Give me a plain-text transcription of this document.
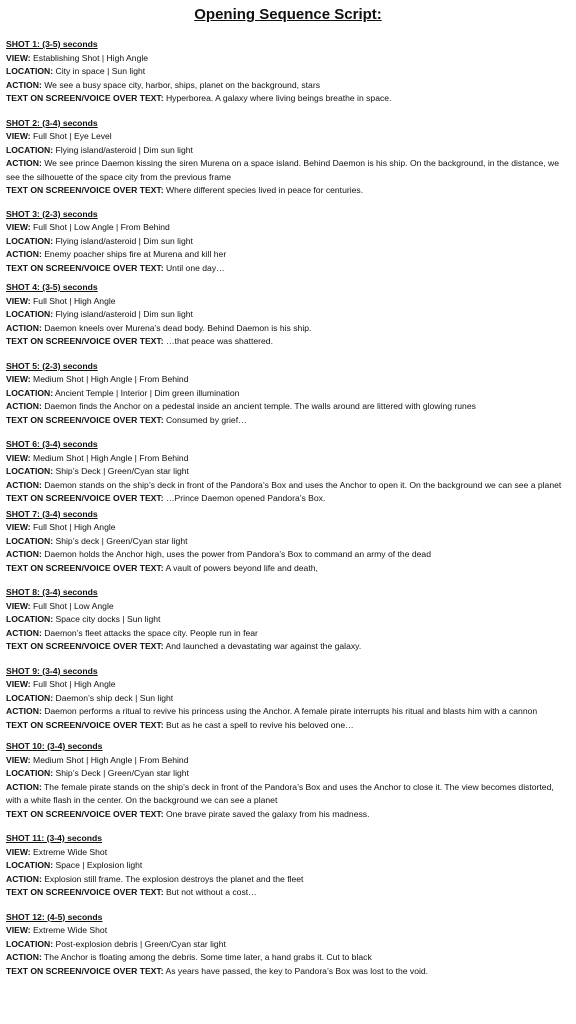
Opening Sequence Script:
SHOT 1: (3-5) seconds
VIEW: Establishing Shot | High Angle
LOCATION: City in space | Sun light
ACTION: We see a busy space city, harbor, ships, planet on the background, stars
TEXT ON SCREEN/VOICE OVER TEXT: Hyperborea. A galaxy where living beings breathe in space.
SHOT 2: (3-4) seconds
VIEW: Full Shot | Eye Level
LOCATION: Flying island/asteroid | Dim sun light
ACTION: We see prince Daemon kissing the siren Murena on a space island. Behind Daemon is his ship. On the background, in the distance, we see the silhouette of the space city from the previous frame
TEXT ON SCREEN/VOICE OVER TEXT: Where different species lived in peace for centuries.
SHOT 3: (2-3) seconds
VIEW: Full Shot | Low Angle | From Behind
LOCATION: Flying island/asteroid | Dim sun light
ACTION: Enemy poacher ships fire at Murena and kill her
TEXT ON SCREEN/VOICE OVER TEXT: Until one day…
SHOT 4: (3-5) seconds
VIEW: Full Shot | High Angle
LOCATION: Flying island/asteroid | Dim sun light
ACTION: Daemon kneels over Murena’s dead body. Behind Daemon is his ship.
TEXT ON SCREEN/VOICE OVER TEXT: …that peace was shattered.
SHOT 5: (2-3) seconds
VIEW: Medium Shot | High Angle | From Behind
LOCATION: Ancient Temple | Interior | Dim green illumination
ACTION: Daemon finds the Anchor on a pedestal inside an ancient temple. The walls around are littered with glowing runes
TEXT ON SCREEN/VOICE OVER TEXT: Consumed by grief…
SHOT 6: (3-4) seconds
VIEW: Medium Shot | High Angle | From Behind
LOCATION: Ship’s Deck | Green/Cyan star light
ACTION: Daemon stands on the ship’s deck in front of the Pandora’s Box and uses the Anchor to open it. On the background we can see a planet
TEXT ON SCREEN/VOICE OVER TEXT: …Prince Daemon opened Pandora’s Box.
SHOT 7: (3-4) seconds
VIEW: Full Shot | High Angle
LOCATION: Ship’s deck | Green/Cyan star light
ACTION: Daemon holds the Anchor high, uses the power from Pandora’s Box to command an army of the dead
TEXT ON SCREEN/VOICE OVER TEXT: A vault of powers beyond life and death,
SHOT 8: (3-4) seconds
VIEW: Full Shot | Low Angle
LOCATION: Space city docks | Sun light
ACTION: Daemon’s fleet attacks the space city. People run in fear
TEXT ON SCREEN/VOICE OVER TEXT: And launched a devastating war against the galaxy.
SHOT 9: (3-4) seconds
VIEW: Full Shot | High Angle
LOCATION: Daemon’s ship deck | Sun light
ACTION: Daemon performs a ritual to revive his princess using the Anchor. A female pirate interrupts his ritual and blasts him with a cannon
TEXT ON SCREEN/VOICE OVER TEXT: But as he cast a spell to revive his beloved one…
SHOT 10: (3-4) seconds
VIEW: Medium Shot | High Angle | From Behind
LOCATION: Ship’s Deck | Green/Cyan star light
ACTION: The female pirate stands on the ship’s deck in front of the Pandora’s Box and uses the Anchor to close it. The view becomes distorted, with a white flash in the center. On the background we can see a planet
TEXT ON SCREEN/VOICE OVER TEXT: One brave pirate saved the galaxy from his madness.
SHOT 11: (3-4) seconds
VIEW: Extreme Wide Shot
LOCATION: Space | Explosion light
ACTION: Explosion still frame. The explosion destroys the planet and the fleet
TEXT ON SCREEN/VOICE OVER TEXT: But not without a cost…
SHOT 12: (4-5) seconds
VIEW: Extreme Wide Shot
LOCATION: Post-explosion debris | Green/Cyan star light
ACTION: The Anchor is floating among the debris. Some time later, a hand grabs it. Cut to black
TEXT ON SCREEN/VOICE OVER TEXT: As years have passed, the key to Pandora’s Box was lost to the void.
